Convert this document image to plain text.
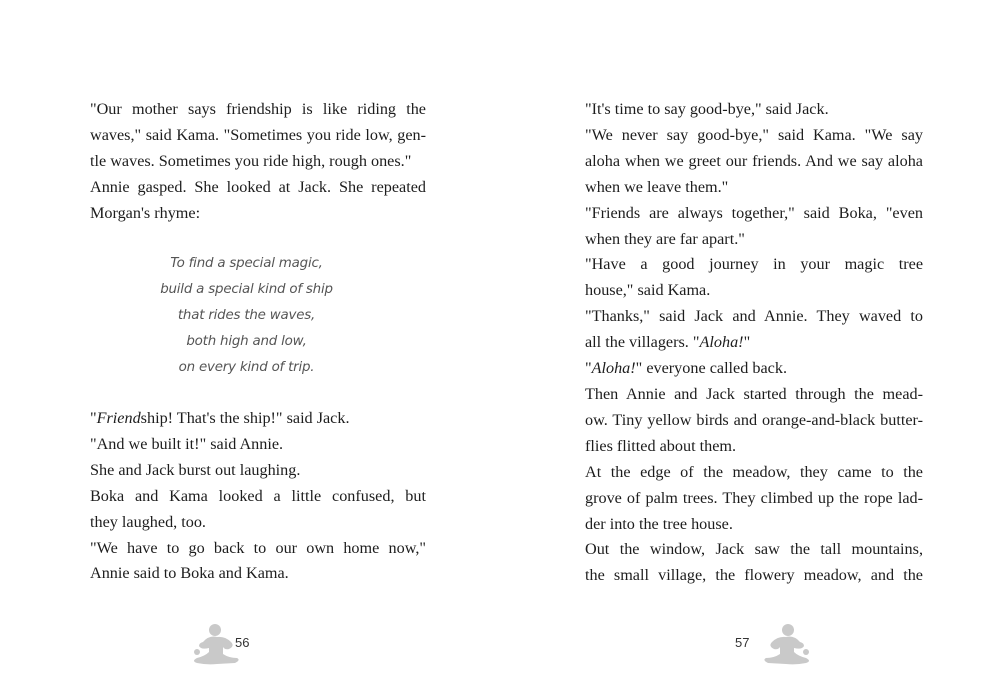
"Our mother says friendship is like riding the
waves," said Kama. "Sometimes you ride low, gen-
tle waves. Sometimes you ride high, rough ones."

Annie gasped. She looked at Jack. She repeated
Morgan's rhyme:

To find a special magic,
build a special kind of ship
that rides the waves,
both high and low,
on every kind of trip.

"Friendship! That's the ship!" said Jack.

"And we built it!" said Annie.

She and Jack burst out laughing.

Boka and Kama looked a little confused, but
they laughed, too.

"We have to go back to our own home now,"
Annie said to Boka and Kama.

56

"It's time to say good-bye," said Jack.

"We never say good-bye," said Kama. "We say
aloha when we greet our friends. And we say aloha
when we leave them."

"Friends are always together," said Boka, "even
when they are far apart."

"Have a good journey in your magic tree
house," said Kama.

"Thanks," said Jack and Annie. They waved to
all the villagers. "Aloha!"

"Aloha!" everyone called back.

Then Annie and Jack started through the mead-
ow. Tiny yellow birds and orange-and-black butter-
flies flitted about them.

At the edge of the meadow, they came to the
grove of palm trees. They climbed up the rope lad-
der into the tree house.

Out the window, Jack saw the tall mountains,
the small village, the flowery meadow, and the

57
